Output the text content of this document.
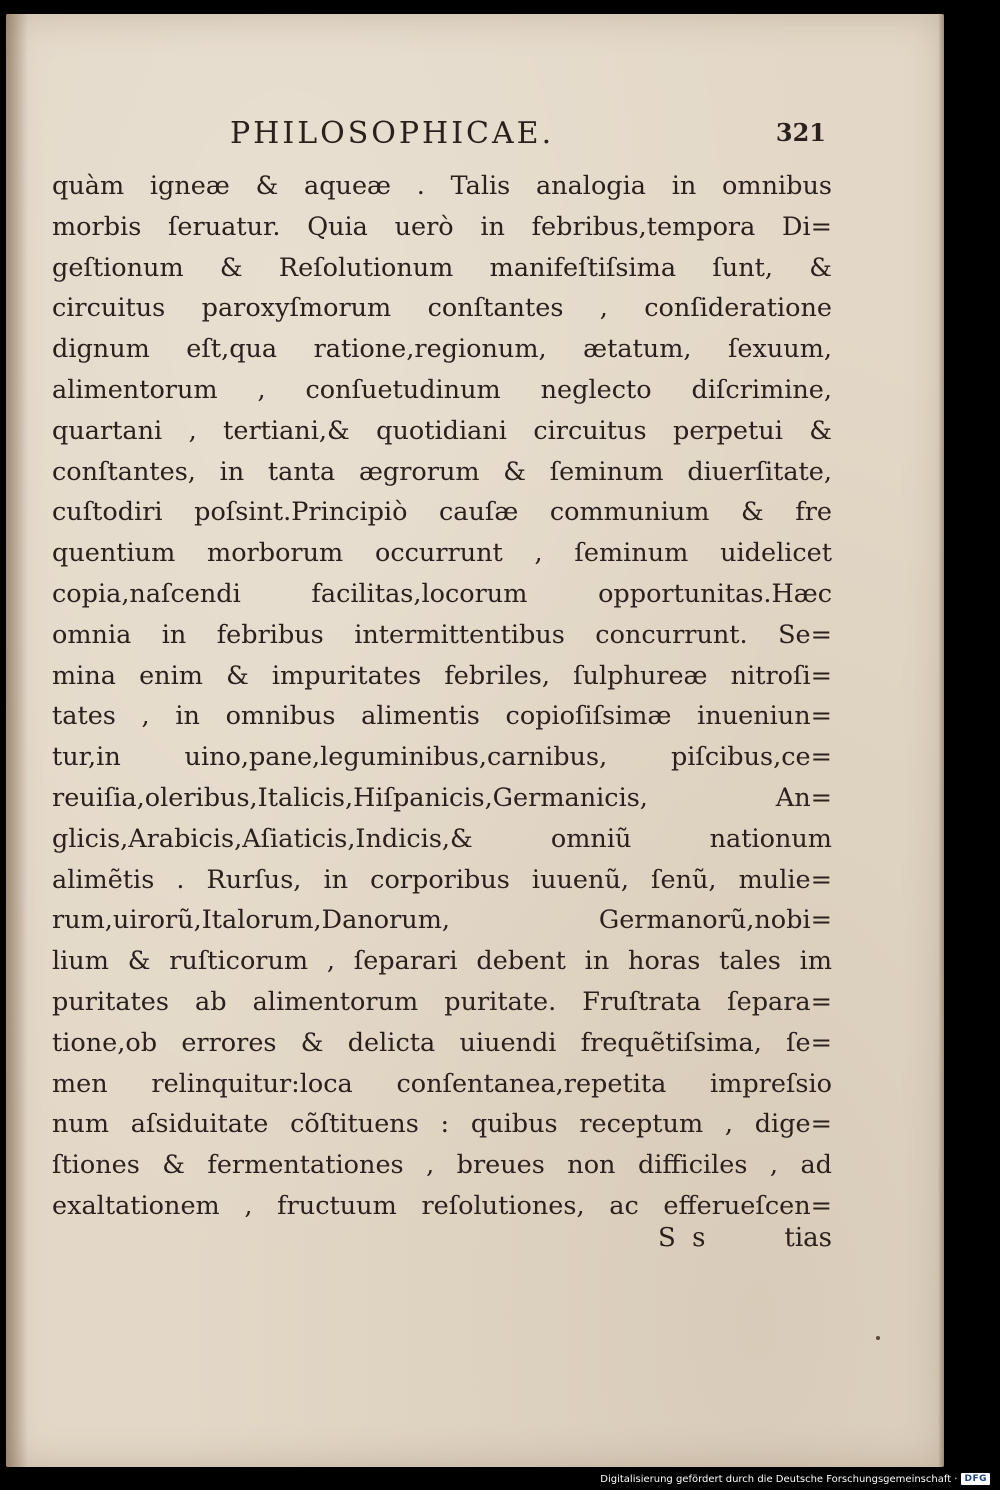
PHILOSOPHICAE.	321
quàm igneæ & aqueæ . Talis analogia in omnibus
morbis ſeruatur. Quia uerò in febribus,tempora Di=
geſtionum & Reſolutionum manifeſtiſsima ſunt, &
circuitus paroxyſmorum conſtantes , conſideratione
dignum eſt,qua ratione,regionum, ætatum, ſexuum,
alimentorum , conſuetudinum neglecto diſcrimine,
quartani , tertiani,& quotidiani circuitus perpetui &
conſtantes, in tanta ægrorum & ſeminum diuerſitate,
cuſtodiri poſsint.Principiò cauſæ communium & fre
quentium morborum occurrunt , ſeminum uidelicet
copia,naſcendi facilitas,locorum opportunitas.Hæc
omnia in febribus intermittentibus concurrunt. Se=
mina enim & impuritates febriles, ſulphureæ nitroſi=
tates , in omnibus alimentis copioſiſsimæ inueniun=
tur,in uino,pane,leguminibus,carnibus, piſcibus,ce=
reuiſia,oleribus,Italicis,Hiſpanicis,Germanicis, An=
glicis,Arabicis,Aſiaticis,Indicis,& omniũ nationum
alimẽtis . Rurſus, in corporibus iuuenũ, ſenũ, mulie=
rum,uirorũ,Italorum,Danorum, Germanorũ,nobi=
lium & ruſticorum , ſeparari debent in horas tales im
puritates ab alimentorum puritate. Fruſtrata ſepara=
tione,ob errores & delicta uiuendi frequẽtiſsima, ſe=
men relinquitur:loca conſentanea,repetita impreſsio
num aſsiduitate cõſtituens : quibus receptum , dige=
ſtiones & fermentationes , breues non difficiles , ad
exaltationem , fructuum reſolutiones, ac efferueſcen=
S s	tias
Digitalisierung gefördert durch die Deutsche Forschungsgemeinschaft · DFG
